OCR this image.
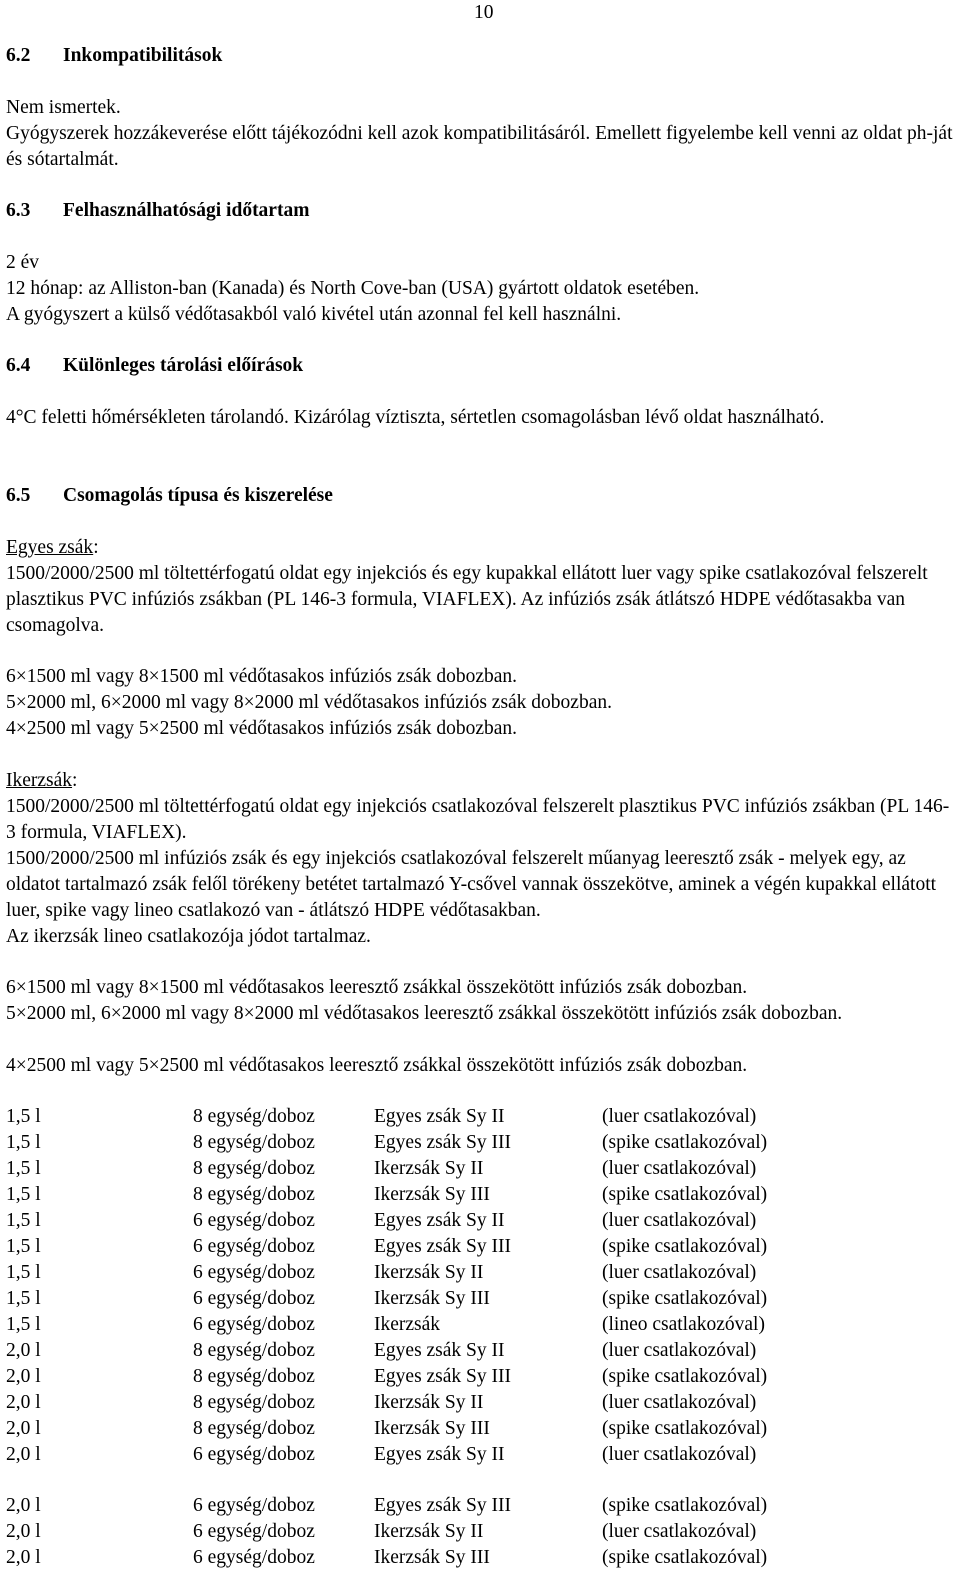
10
6.2 Inkompatibilitások
Nem ismertek.
Gyógyszerek hozzákeverése előtt tájékozódni kell azok kompatibilitásáról. Emellett figyelembe kell venni az oldat ph-ját és sótartalmát.
6.3 Felhasználhatósági időtartam
2 év
12 hónap: az Alliston-ban (Kanada) és North Cove-ban (USA) gyártott oldatok esetében.
A gyógyszert a külső védőtasakból való kivétel után azonnal fel kell használni.
6.4 Különleges tárolási előírások
4°C feletti hőmérsékleten tárolandó. Kizárólag víztiszta, sértetlen csomagolásban lévő oldat használható.
6.5 Csomagolás típusa és kiszerelése
Egyes zsák:
1500/2000/2500 ml töltettérfogatú oldat egy injekciós és egy kupakkal ellátott luer vagy spike csatlakozóval felszerelt plasztikus PVC infúziós zsákban (PL 146-3 formula, VIAFLEX). Az infúziós zsák átlátszó HDPE védőtasakba van csomagolva.
6×1500 ml vagy 8×1500 ml védőtasakos infúziós zsák dobozban.
5×2000 ml, 6×2000 ml vagy 8×2000 ml védőtasakos infúziós zsák dobozban.
4×2500 ml vagy 5×2500 ml védőtasakos infúziós zsák dobozban.
Ikerzsák:
1500/2000/2500 ml töltettérfogatú oldat egy injekciós csatlakozóval felszerelt plasztikus PVC infúziós zsákban (PL 146-3 formula, VIAFLEX).
1500/2000/2500 ml infúziós zsák és egy injekciós csatlakozóval felszerelt műanyag leeresztő zsák - melyek egy, az oldatot tartalmazó zsák felől törékeny betétet tartalmazó Y-csővel vannak összekötve, aminek a végén kupakkal ellátott luer, spike vagy lineo csatlakozó van - átlátszó HDPE védőtasakban.
Az ikerzsák lineo csatlakozója jódot tartalmaz.
6×1500 ml vagy 8×1500 ml védőtasakos leeresztő zsákkal összekötött infúziós zsák dobozban.
5×2000 ml, 6×2000 ml vagy 8×2000 ml védőtasakos leeresztő zsákkal összekötött infúziós zsák dobozban.
4×2500 ml vagy 5×2500 ml védőtasakos leeresztő zsákkal összekötött infúziós zsák dobozban.
1,5 l	8 egység/doboz	Egyes zsák Sy II	(luer csatlakozóval)
1,5 l	8 egység/doboz	Egyes zsák Sy III	(spike csatlakozóval)
1,5 l	8 egység/doboz	Ikerzsák Sy II	(luer csatlakozóval)
1,5 l	8 egység/doboz	Ikerzsák Sy III	(spike csatlakozóval)
1,5 l	6 egység/doboz	Egyes zsák Sy II	(luer csatlakozóval)
1,5 l	6 egység/doboz	Egyes zsák Sy III	(spike csatlakozóval)
1,5 l	6 egység/doboz	Ikerzsák Sy II	(luer csatlakozóval)
1,5 l	6 egység/doboz	Ikerzsák Sy III	(spike csatlakozóval)
1,5 l	6 egység/doboz	Ikerzsák	(lineo csatlakozóval)
2,0 l	8 egység/doboz	Egyes zsák Sy II	(luer csatlakozóval)
2,0 l	8 egység/doboz	Egyes zsák Sy III	(spike csatlakozóval)
2,0 l	8 egység/doboz	Ikerzsák Sy II	(luer csatlakozóval)
2,0 l	8 egység/doboz	Ikerzsák Sy III	(spike csatlakozóval)
2,0 l	6 egység/doboz	Egyes zsák Sy II	(luer csatlakozóval)
2,0 l	6 egység/doboz	Egyes zsák Sy III	(spike csatlakozóval)
2,0 l	6 egység/doboz	Ikerzsák Sy II	(luer csatlakozóval)
2,0 l	6 egység/doboz	Ikerzsák Sy III	(spike csatlakozóval)
